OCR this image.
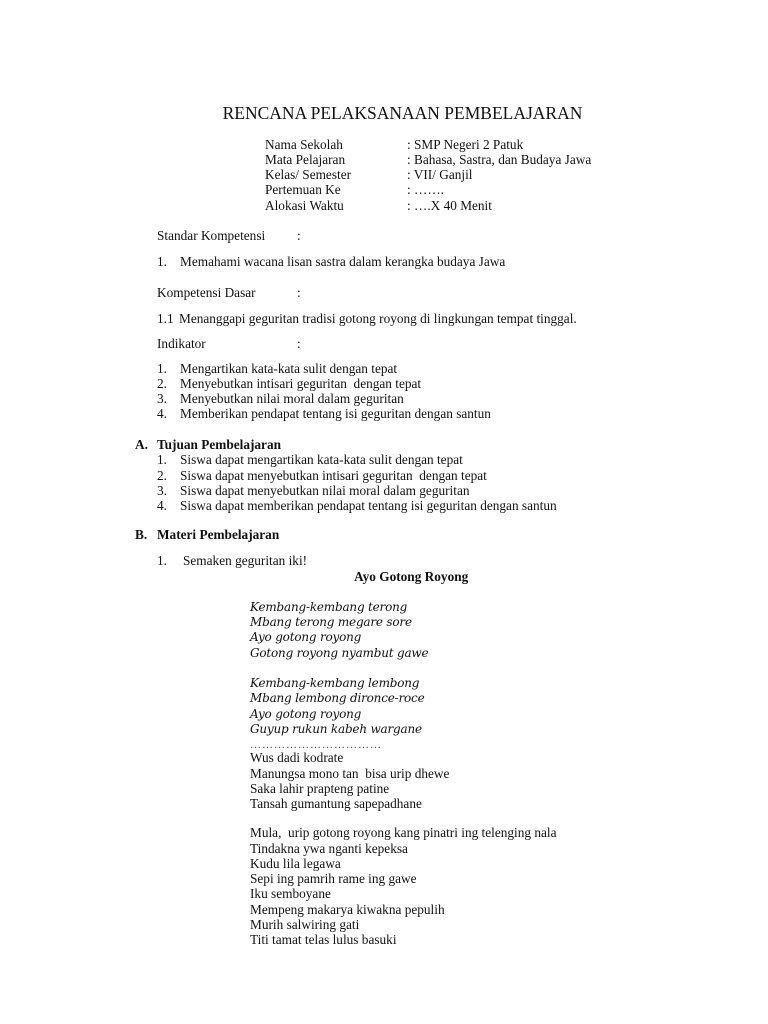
RENCANA PELAKSANAAN PEMBELAJARAN
Nama Sekolah	: SMP Negeri 2 Patuk
Mata Pelajaran	: Bahasa, Sastra, dan Budaya Jawa
Kelas/ Semester	: VII/ Ganjil
Pertemuan Ke	: …….
Alokasi Waktu	: ….X 40 Menit
Standar Kompetensi :
1. Memahami wacana lisan sastra dalam kerangka budaya Jawa
Kompetensi Dasar	:
1.1 Menanggapi geguritan tradisi gotong royong di lingkungan tempat tinggal.
Indikator	:
1. Mengartikan kata-kata sulit dengan tepat
2. Menyebutkan intisari geguritan  dengan tepat
3. Menyebutkan nilai moral dalam geguritan
4. Memberikan pendapat tentang isi geguritan dengan santun
A. Tujuan Pembelajaran
1. Siswa dapat mengartikan kata-kata sulit dengan tepat
2. Siswa dapat menyebutkan intisari geguritan  dengan tepat
3. Siswa dapat menyebutkan nilai moral dalam geguritan
4. Siswa dapat memberikan pendapat tentang isi geguritan dengan santun
B. Materi Pembelajaran
1. Semaken geguritan iki!
Ayo Gotong Royong
Kembang-kembang terong
Mbang terong megare sore
Ayo gotong royong
Gotong royong nyambut gawe
Kembang-kembang lembong
Mbang lembong dironce-roce
Ayo gotong royong
Guyup rukun kabeh wargane
……………………………
Wus dadi kodrate
Manungsa mono tan  bisa urip dhewe
Saka lahir prapteng patine
Tansah gumantung sapepadhane
Mula,  urip gotong royong kang pinatri ing telenging nala
Tindakna ywa nganti kepeksa
Kudu lila legawa
Sepi ing pamrih rame ing gawe
Iku semboyane
Mempeng makarya kiwakna pepulih
Murih salwiring gati
Titi tamat telas lulus basuki
